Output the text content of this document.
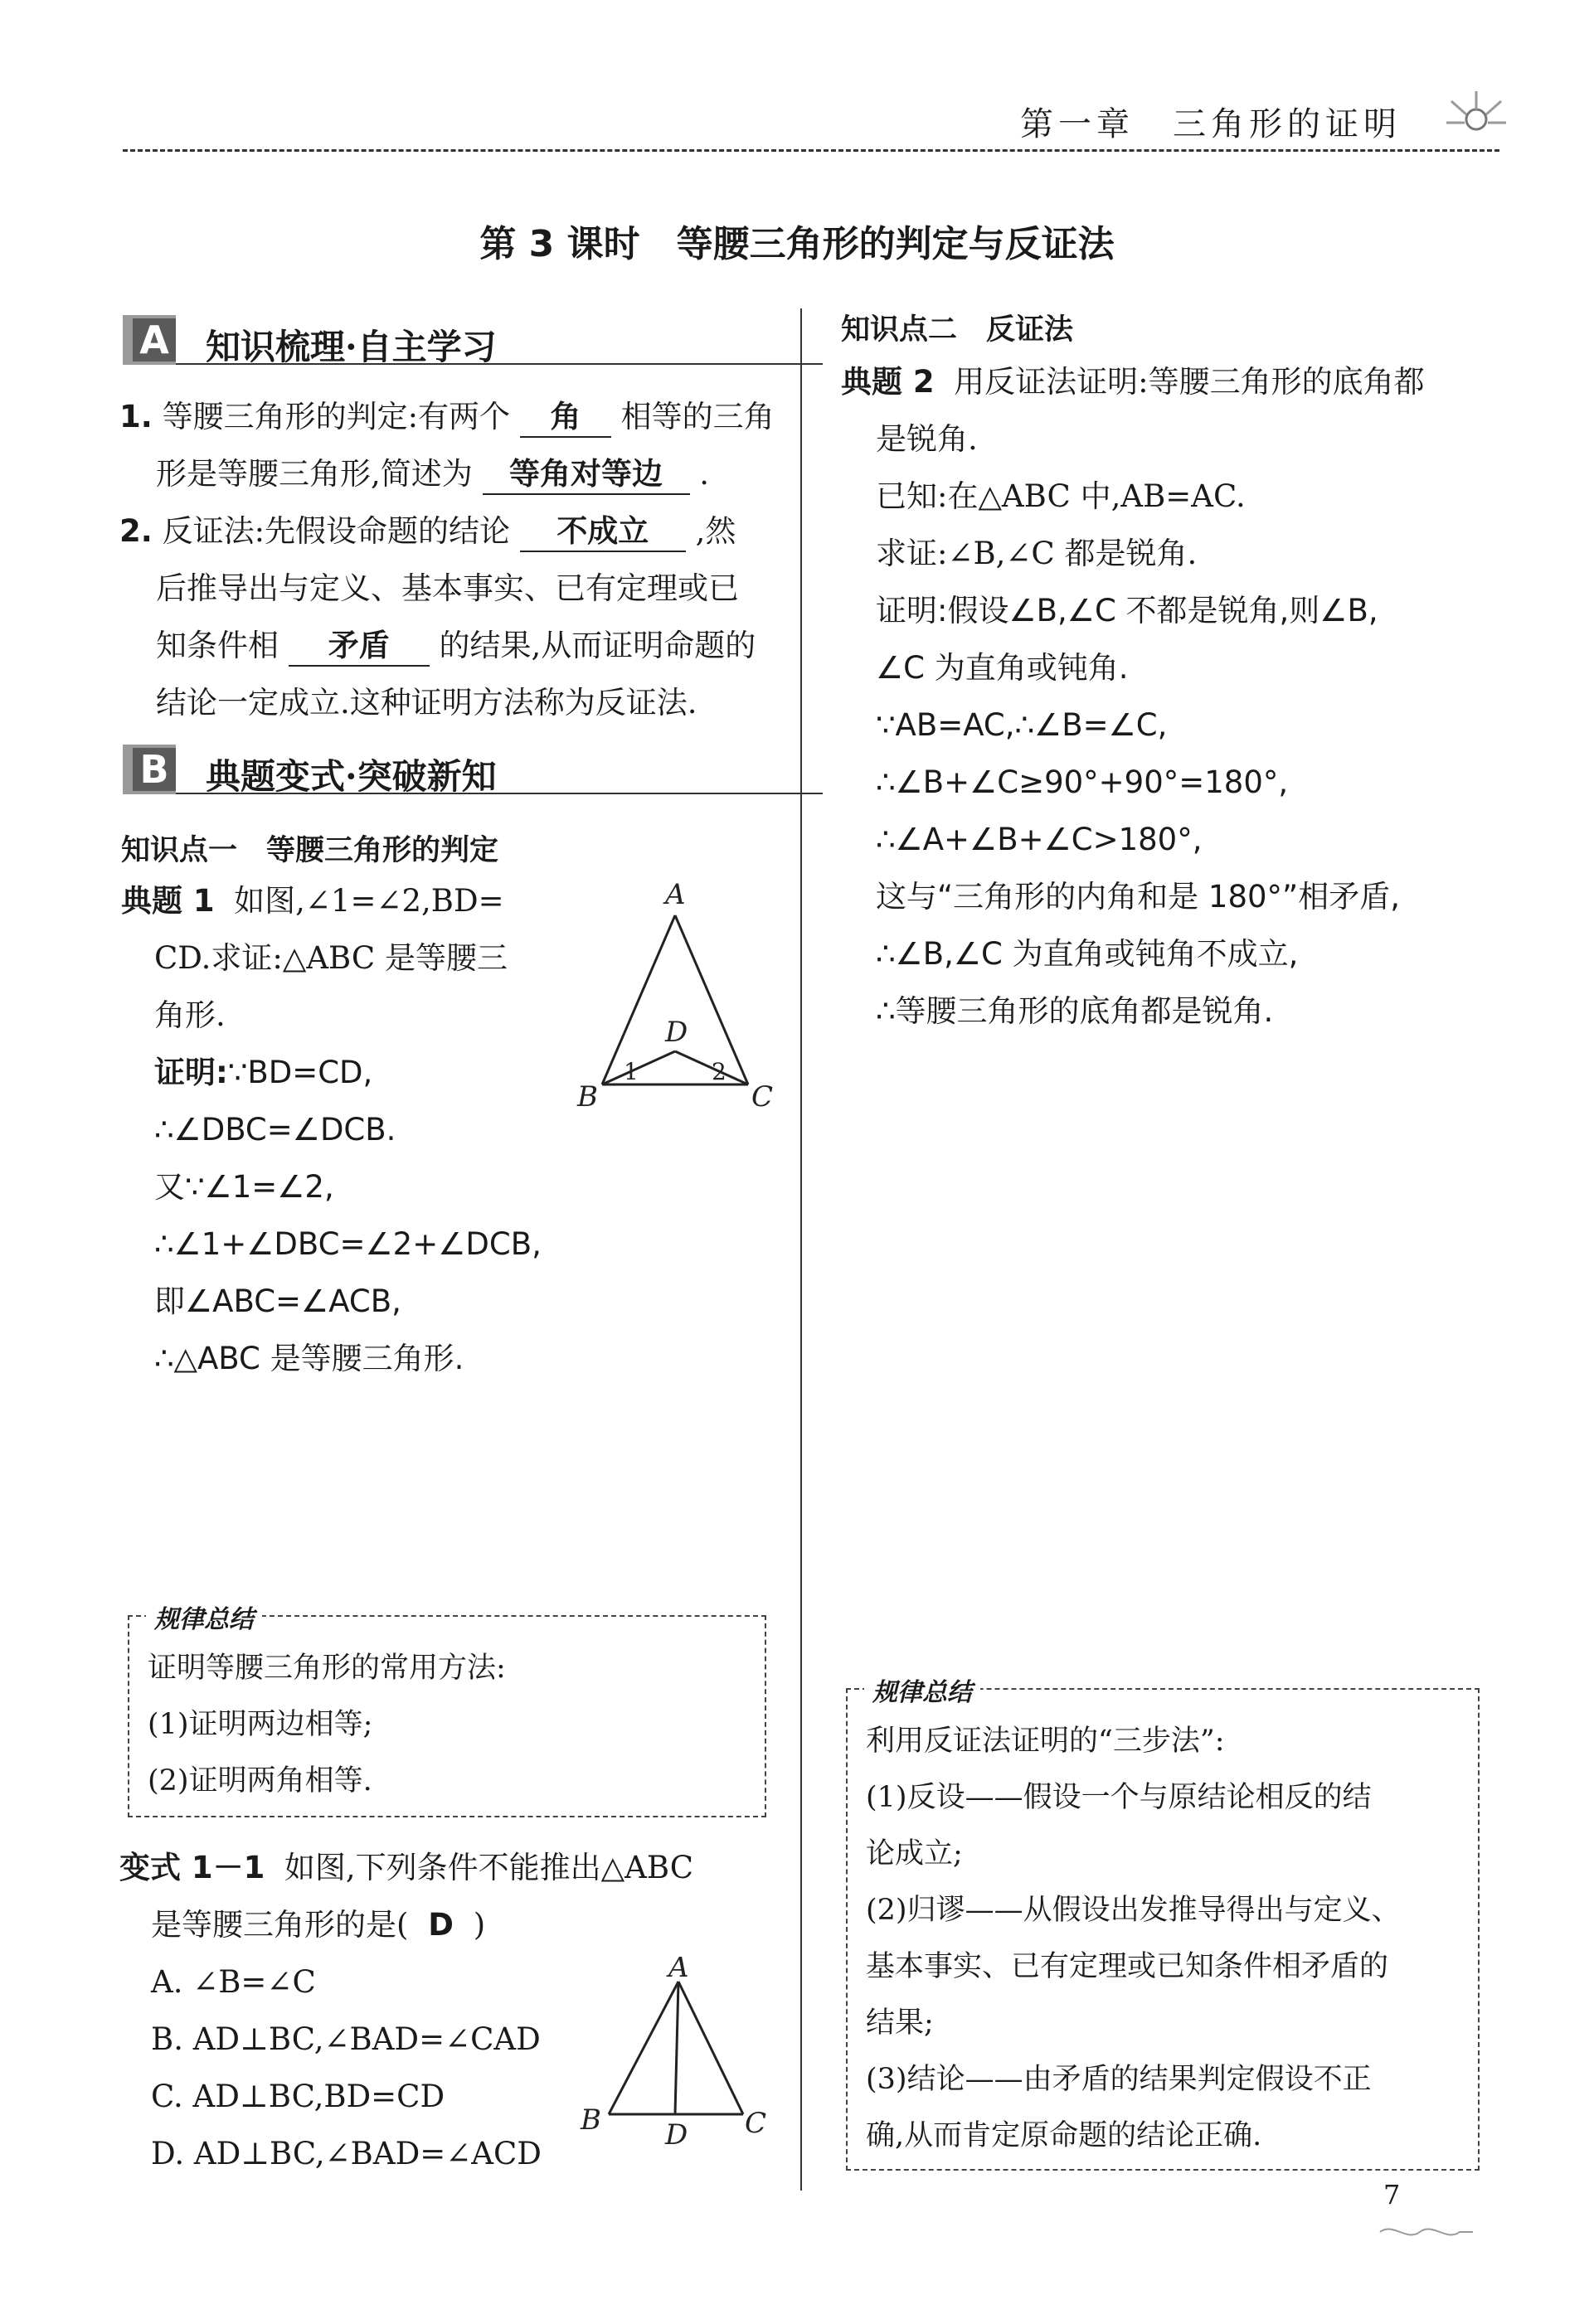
第一章　三角形的证明
第 3 课时　等腰三角形的判定与反证法
A 知识梳理·自主学习
1. 等腰三角形的判定:有两个 角 相等的三角
形是等腰三角形,简述为 等角对等边 .
2. 反证法:先假设命题的结论 不成立 ,然
后推导出与定义、基本事实、已有定理或已
知条件相 矛盾 的结果,从而证明命题的
结论一定成立.这种证明方法称为反证法.
B 典题变式·突破新知
知识点一　等腰三角形的判定
典题 1 如图,∠1=∠2,BD=
CD.求证:△ABC 是等腰三
角形.
证明:∵BD=CD,
∴∠DBC=∠DCB.
又∵∠1=∠2,
∴∠1+∠DBC=∠2+∠DCB,
即∠ABC=∠ACB,
∴△ABC 是等腰三角形.
A
B	C
D
1	2
规律总结
证明等腰三角形的常用方法:
(1)证明两边相等;
(2)证明两角相等.
变式 1－1 如图,下列条件不能推出△ABC
是等腰三角形的是( D )
A. ∠B=∠C
B. AD⊥BC,∠BAD=∠CAD
C. AD⊥BC,BD=CD
D. AD⊥BC,∠BAD=∠ACD
A
B	C
D
知识点二　反证法
典题 2 用反证法证明:等腰三角形的底角都
是锐角.
已知:在△ABC 中,AB=AC.
求证:∠B,∠C 都是锐角.
证明:假设∠B,∠C 不都是锐角,则∠B,
∠C 为直角或钝角.
∵AB=AC,∴∠B=∠C,
∴∠B+∠C≥90°+90°=180°,
∴∠A+∠B+∠C>180°,
这与“三角形的内角和是 180°”相矛盾,
∴∠B,∠C 为直角或钝角不成立,
∴等腰三角形的底角都是锐角.
规律总结
利用反证法证明的“三步法”:
(1)反设——假设一个与原结论相反的结
论成立;
(2)归谬——从假设出发推导得出与定义、
基本事实、已有定理或已知条件相矛盾的
结果;
(3)结论——由矛盾的结果判定假设不正
确,从而肯定原命题的结论正确.
7
